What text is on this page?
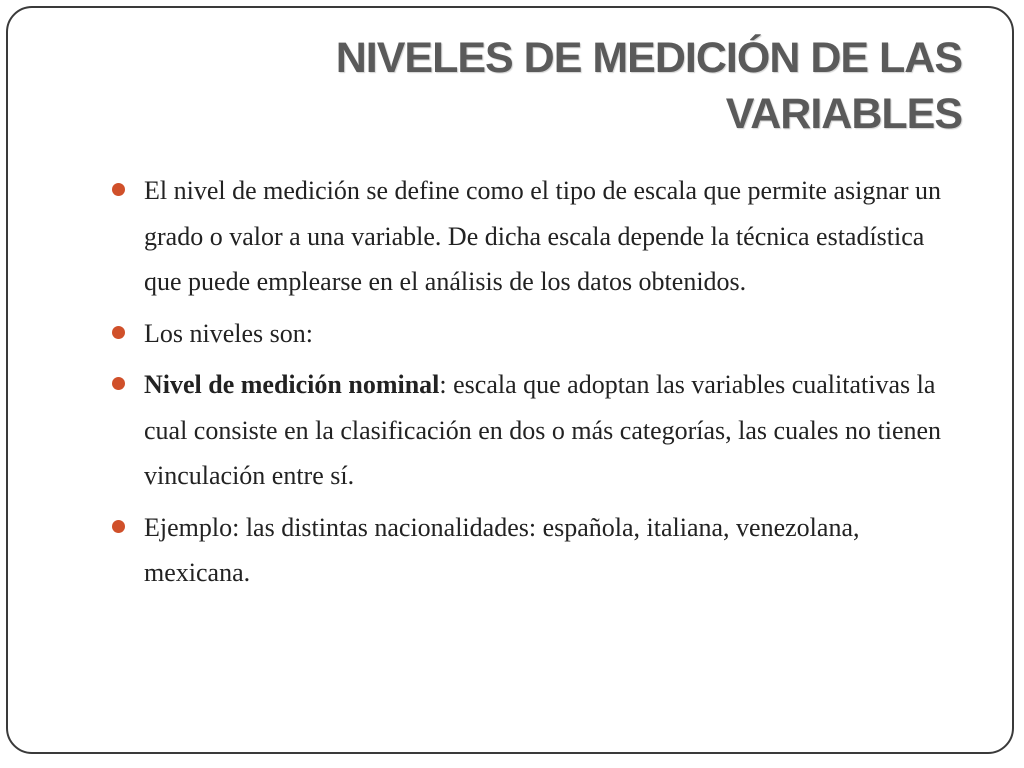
NIVELES DE MEDICIÓN DE LAS
VARIABLES
El nivel de medición se define como el tipo de escala que permite asignar un grado o valor a una variable. De dicha escala depende la técnica estadística que puede emplearse en el análisis de los datos obtenidos.
Los niveles son:
Nivel de medición nominal: escala que adoptan las variables cualitativas la cual consiste en la clasificación en dos o más categorías, las cuales no tienen vinculación entre sí.
Ejemplo: las distintas nacionalidades: española, italiana, venezolana, mexicana.
